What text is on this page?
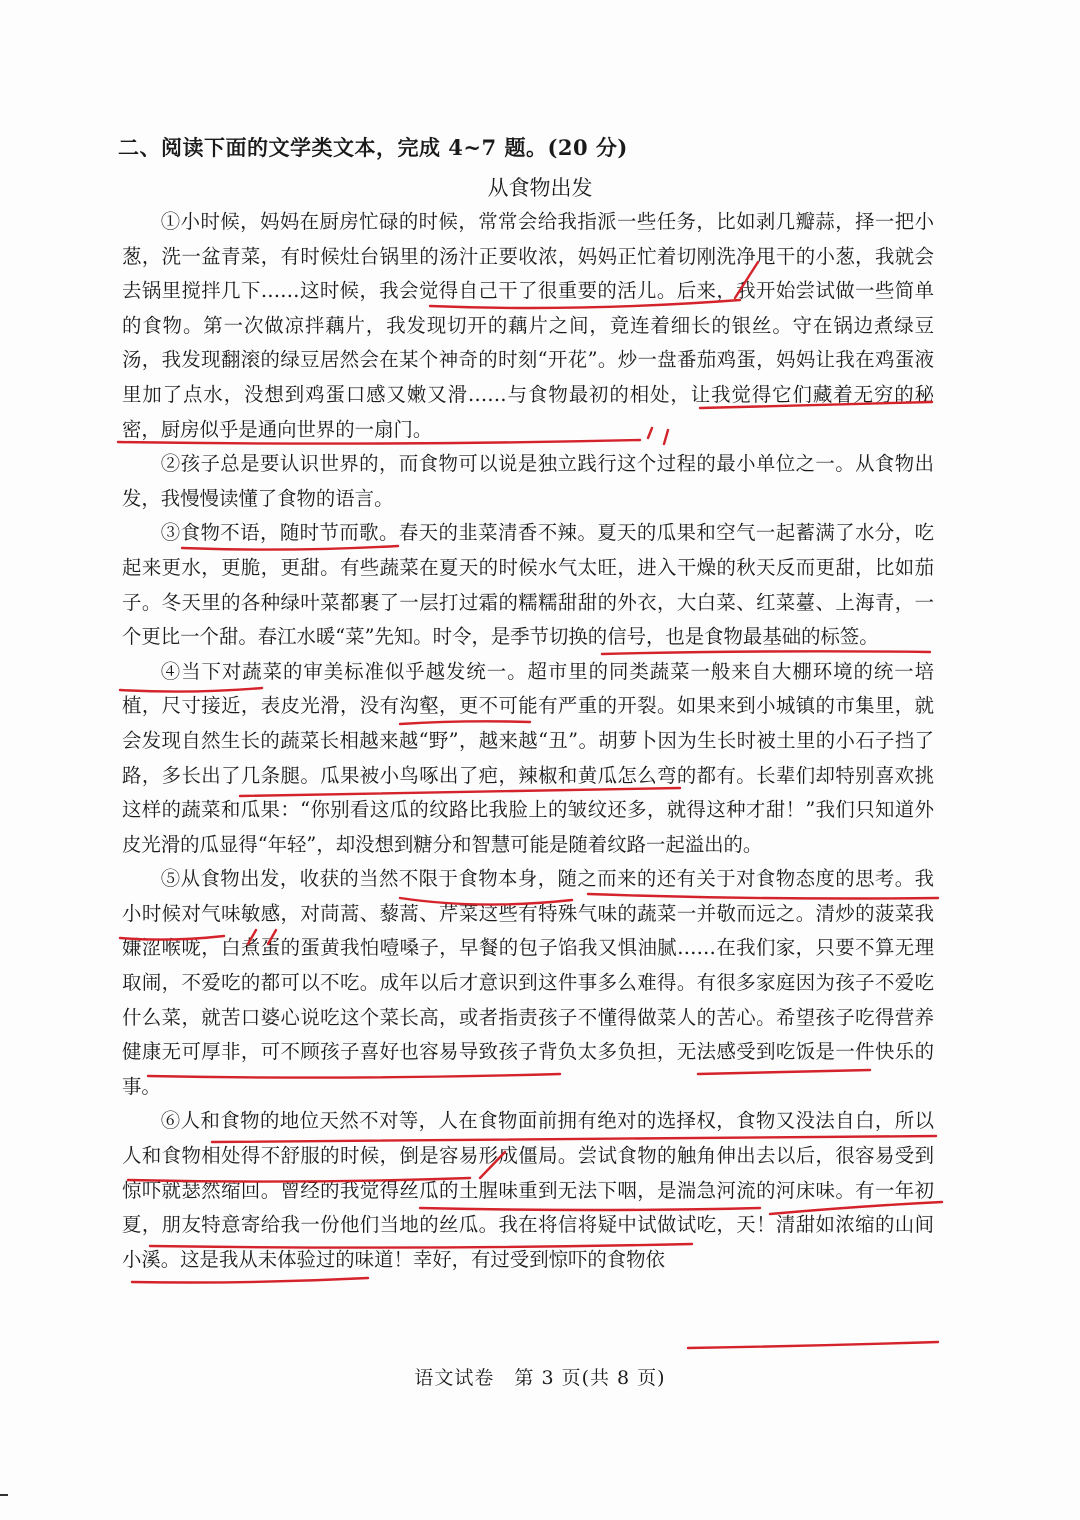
二、阅读下面的文学类文本，完成 4~7 题。(20 分)
从食物出发

①小时候，妈妈在厨房忙碌的时候，常常会给我指派一些任务，比如剥几瓣蒜，择一把小葱，洗一盆青菜，有时候灶台锅里的汤汁正要收浓，妈妈正忙着切刚洗净甩干的小葱，我就会去锅里搅拌几下……这时候，我会觉得自己干了很重要的活儿。后来，我开始尝试做一些简单的食物。第一次做凉拌藕片，我发现切开的藕片之间，竟连着细长的银丝。守在锅边煮绿豆汤，我发现翻滚的绿豆居然会在某个神奇的时刻“开花”。炒一盘番茄鸡蛋，妈妈让我在鸡蛋液里加了点水，没想到鸡蛋口感又嫩又滑……与食物最初的相处，让我觉得它们藏着无穷的秘密，厨房似乎是通向世界的一扇门。

②孩子总是要认识世界的，而食物可以说是独立践行这个过程的最小单位之一。从食物出发，我慢慢读懂了食物的语言。

③食物不语，随时节而歌。春天的韭菜清香不辣。夏天的瓜果和空气一起蓄满了水分，吃起来更水，更脆，更甜。有些蔬菜在夏天的时候水气太旺，进入干燥的秋天反而更甜，比如茄子。冬天里的各种绿叶菜都裹了一层打过霜的糯糯甜甜的外衣，大白菜、红菜薹、上海青，一个更比一个甜。春江水暖“菜”先知。时令，是季节切换的信号，也是食物最基础的标签。

④当下对蔬菜的审美标准似乎越发统一。超市里的同类蔬菜一般来自大棚环境的统一培植，尺寸接近，表皮光滑，没有沟壑，更不可能有严重的开裂。如果来到小城镇的市集里，就会发现自然生长的蔬菜长相越来越“野”，越来越“丑”。胡萝卜因为生长时被土里的小石子挡了路，多长出了几条腿。瓜果被小鸟啄出了疤，辣椒和黄瓜怎么弯的都有。长辈们却特别喜欢挑这样的蔬菜和瓜果：“你别看这瓜的纹路比我脸上的皱纹还多，就得这种才甜！”我们只知道外皮光滑的瓜显得“年轻”，却没想到糖分和智慧可能是随着纹路一起溢出的。

⑤从食物出发，收获的当然不限于食物本身，随之而来的还有关于对食物态度的思考。我小时候对气味敏感，对茼蒿、藜蒿、芹菜这些有特殊气味的蔬菜一并敬而远之。清炒的菠菜我嫌涩喉咙，白煮蛋的蛋黄我怕噎嗓子，早餐的包子馅我又惧油腻……在我们家，只要不算无理取闹，不爱吃的都可以不吃。成年以后才意识到这件事多么难得。有很多家庭因为孩子不爱吃什么菜，就苦口婆心说吃这个菜长高，或者指责孩子不懂得做菜人的苦心。希望孩子吃得营养健康无可厚非，可不顾孩子喜好也容易导致孩子背负太多负担，无法感受到吃饭是一件快乐的事。

⑥人和食物的地位天然不对等，人在食物面前拥有绝对的选择权，食物又没法自白，所以人和食物相处得不舒服的时候，倒是容易形成僵局。尝试食物的触角伸出去以后，很容易受到惊吓就瑟然缩回。曾经的我觉得丝瓜的土腥味重到无法下咽，是湍急河流的河床味。有一年初夏，朋友特意寄给我一份他们当地的丝瓜。我在将信将疑中试做试吃，天！清甜如浓缩的山间小溪。这是我从未体验过的味道！幸好，有过受到惊吓的食物依

语文试卷　第 3 页(共 8 页)
